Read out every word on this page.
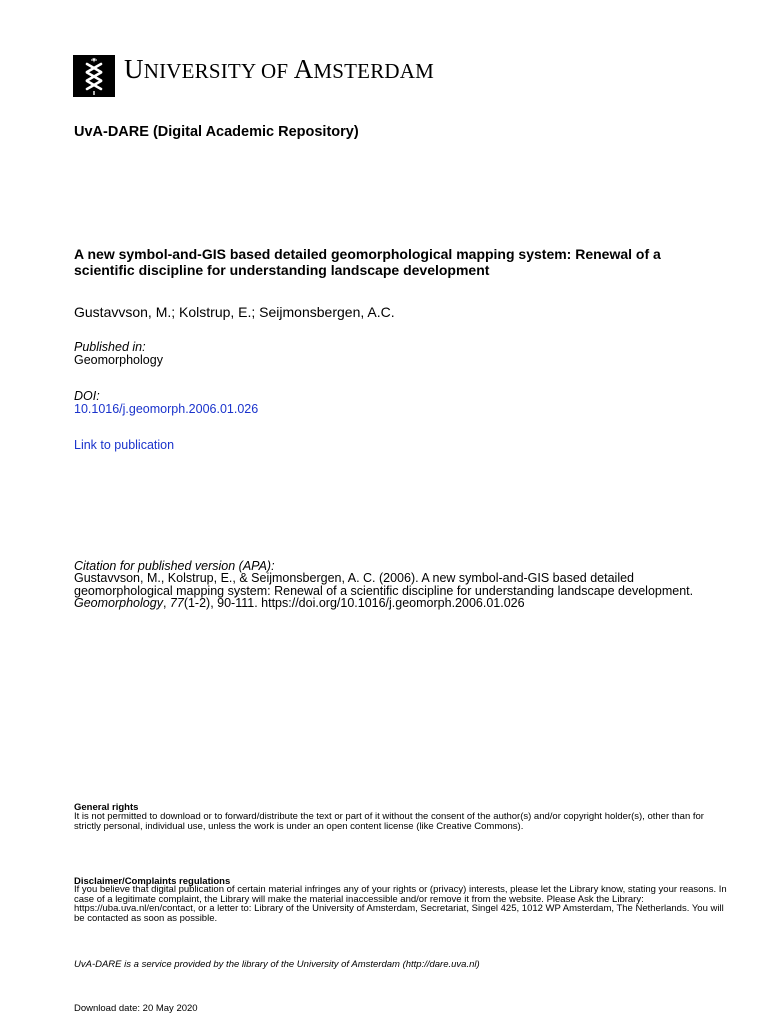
UNIVERSITY OF AMSTERDAM
UvA-DARE (Digital Academic Repository)
A new symbol-and-GIS based detailed geomorphological mapping system: Renewal of a scientific discipline for understanding landscape development
Gustavvson, M.; Kolstrup, E.; Seijmonsbergen, A.C.
Published in:
Geomorphology
DOI:
10.1016/j.geomorph.2006.01.026
Link to publication
Citation for published version (APA):
Gustavvson, M., Kolstrup, E., & Seijmonsbergen, A. C. (2006). A new symbol-and-GIS based detailed geomorphological mapping system: Renewal of a scientific discipline for understanding landscape development. Geomorphology, 77(1-2), 90-111. https://doi.org/10.1016/j.geomorph.2006.01.026
General rights
It is not permitted to download or to forward/distribute the text or part of it without the consent of the author(s) and/or copyright holder(s), other than for strictly personal, individual use, unless the work is under an open content license (like Creative Commons).
Disclaimer/Complaints regulations
If you believe that digital publication of certain material infringes any of your rights or (privacy) interests, please let the Library know, stating your reasons. In case of a legitimate complaint, the Library will make the material inaccessible and/or remove it from the website. Please Ask the Library: https://uba.uva.nl/en/contact, or a letter to: Library of the University of Amsterdam, Secretariat, Singel 425, 1012 WP Amsterdam, The Netherlands. You will be contacted as soon as possible.
UvA-DARE is a service provided by the library of the University of Amsterdam (http://dare.uva.nl)
Download date: 20 May 2020
